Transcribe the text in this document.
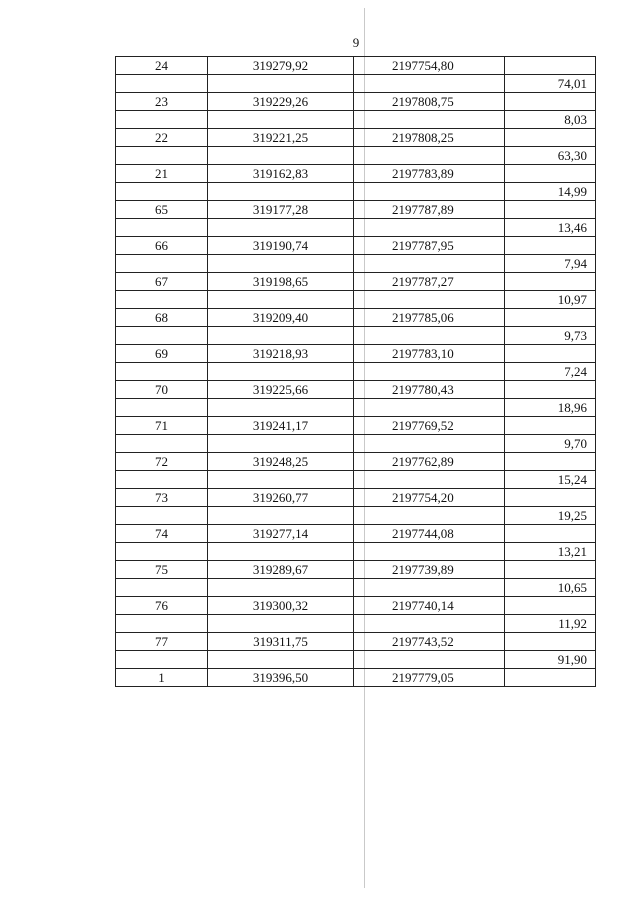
9
24	319279,92	2197754,80	
			74,01
23	319229,26	2197808,75	
			8,03
22	319221,25	2197808,25	
			63,30
21	319162,83	2197783,89	
			14,99
65	319177,28	2197787,89	
			13,46
66	319190,74	2197787,95	
			7,94
67	319198,65	2197787,27	
			10,97
68	319209,40	2197785,06	
			9,73
69	319218,93	2197783,10	
			7,24
70	319225,66	2197780,43	
			18,96
71	319241,17	2197769,52	
			9,70
72	319248,25	2197762,89	
			15,24
73	319260,77	2197754,20	
			19,25
74	319277,14	2197744,08	
			13,21
75	319289,67	2197739,89	
			10,65
76	319300,32	2197740,14	
			11,92
77	319311,75	2197743,52	
			91,90
1	319396,50	2197779,05	
